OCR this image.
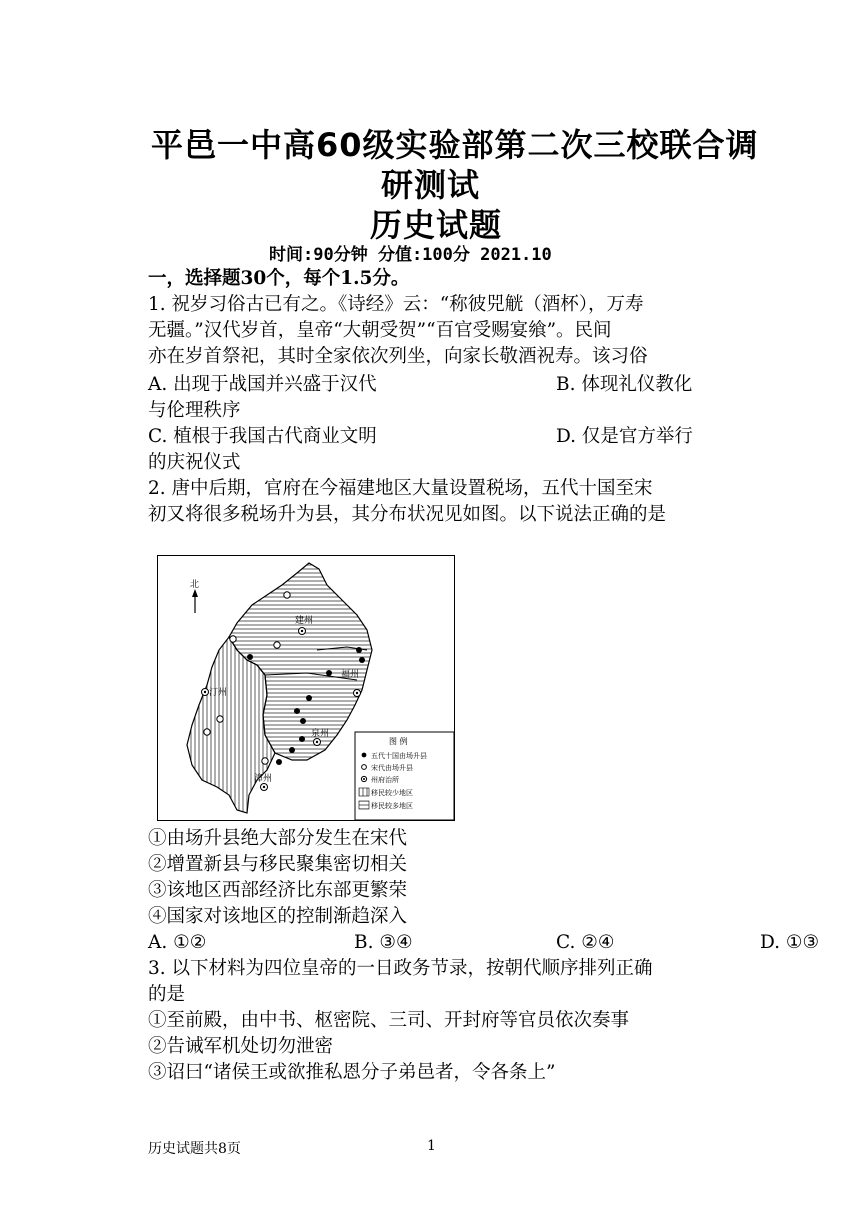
平邑一中高60级实验部第二次三校联合调
研测试
历史试题
时间:90分钟 分值:100分 2021.10
一，选择题30个，每个1.5分。
1. 祝岁习俗古已有之。《诗经》云：“称彼兕觥（酒杯），万寿
无疆。”汉代岁首，皇帝“大朝受贺”“百官受赐宴飨”。民间
亦在岁首祭祀，其时全家依次列坐，向家长敬酒祝寿。该习俗
A. 出现于战国并兴盛于汉代	B. 体现礼仪教化
与伦理秩序
C. 植根于我国古代商业文明	D. 仅是官方举行
的庆祝仪式
2. 唐中后期，官府在今福建地区大量设置税场，五代十国至宋
初又将很多税场升为县，其分布状况见如图。以下说法正确的是
北
建州
汀州
福州
泉州
漳州
图 例
五代十国由场升县
宋代由场升县
州府治所
移民较少地区
移民较多地区
①由场升县绝大部分发生在宋代
②增置新县与移民聚集密切相关
③该地区西部经济比东部更繁荣
④国家对该地区的控制渐趋深入
A. ①②	B. ③④	C. ②④	D. ①③
3. 以下材料为四位皇帝的一日政务节录，按朝代顺序排列正确
的是
①至前殿，由中书、枢密院、三司、开封府等官员依次奏事
②告诫军机处切勿泄密
③诏曰“诸侯王或欲推私恩分子弟邑者，令各条上”
历史试题共8页	1
